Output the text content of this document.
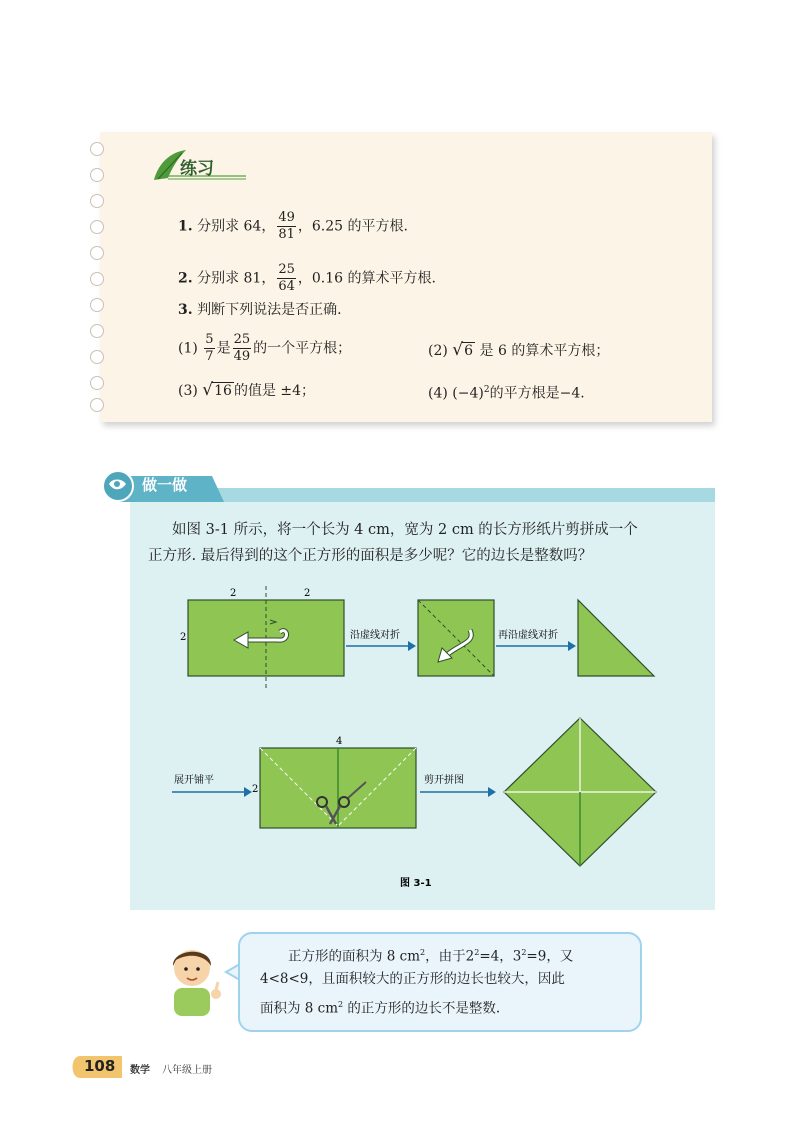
练习
1. 分别求 64， $\frac{49}{81}$ ，6.25 的平方根.
2. 分别求 81， $\frac{25}{64}$ ，0.16 的算术平方根.
3. 判断下列说法是否正确.
$(1) \frac{5}{7}$ 是 $\frac{25}{49}$ 的一个平方根；	(2) √6 是 6 的算术平方根；
(3) √16 的值是 ±4；	(4) $(-4)^2$的平方根是−4.
做一做
如图 3-1 所示，将一个长为 4 cm，宽为 2 cm 的长方形纸片剪拼成一个
正方形. 最后得到的这个正方形的面积是多少呢？它的边长是整数吗？
2	2
2	沿虚线对折	再沿虚线对折
展开铺平
4
2
剪开拼图
图 3-1
正方形的面积为 8 $cm^2$，由于$2^2=4$，$3^2=9$，又
4<8<9，且面积较大的正方形的边长也较大，因此
面积为 8 $cm^2$ 的正方形的边长不是整数.
108 数学 八年级上册
